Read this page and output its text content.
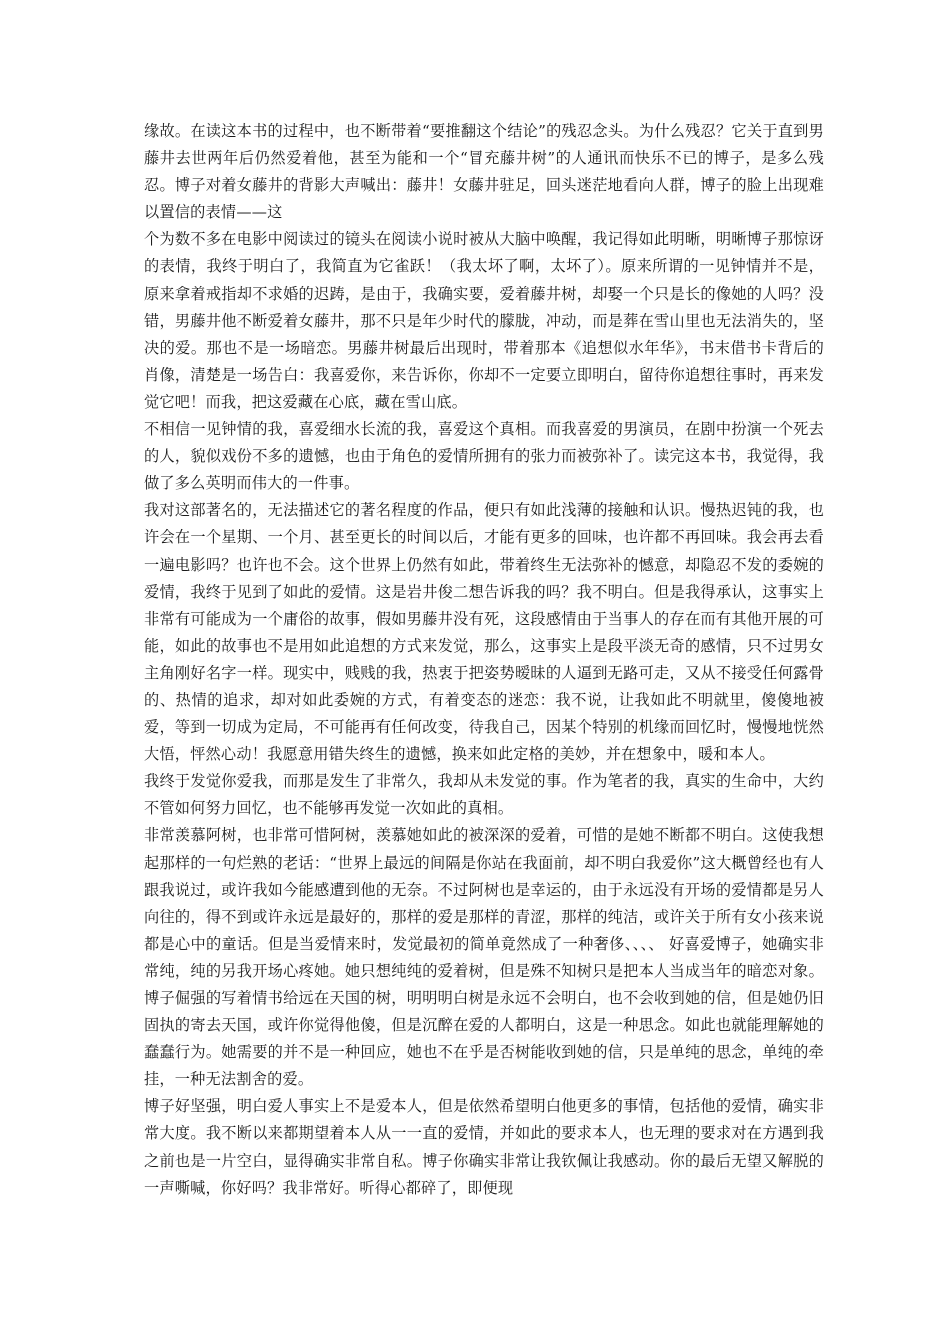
缘故。在读这本书的过程中，也不断带着“要推翻这个结论”的残忍念头。为什么残忍？它关于直到男藤井去世两年后仍然爱着他，甚至为能和一个“冒充藤井树”的人通讯而快乐不已的博子，是多么残忍。博子对着女藤井的背影大声喊出：藤井！女藤井驻足，回头迷茫地看向人群，博子的脸上出现难以置信的表情——这

个为数不多在电影中阅读过的镜头在阅读小说时被从大脑中唤醒，我记得如此明晰，明晰博子那惊讶的表情，我终于明白了，我简直为它雀跃！（我太坏了啊，太坏了）。原来所谓的一见钟情并不是，原来拿着戒指却不求婚的迟踌，是由于，我确实要，爱着藤井树，却娶一个只是长的像她的人吗？没错，男藤井他不断爱着女藤井，那不只是年少时代的朦胧，冲动，而是葬在雪山里也无法消失的，坚决的爱。那也不是一场暗恋。男藤井树最后出现时，带着那本《追想似水年华》，书末借书卡背后的肖像，清楚是一场告白：我喜爱你，来告诉你，你却不一定要立即明白，留待你追想往事时，再来发觉它吧！而我，把这爱藏在心底，藏在雪山底。

不相信一见钟情的我，喜爱细水长流的我，喜爱这个真相。而我喜爱的男演员，在剧中扮演一个死去的人，貌似戏份不多的遗憾，也由于角色的爱情所拥有的张力而被弥补了。读完这本书，我觉得，我做了多么英明而伟大的一件事。

我对这部著名的，无法描述它的著名程度的作品，便只有如此浅薄的接触和认识。慢热迟钝的我，也许会在一个星期、一个月、甚至更长的时间以后，才能有更多的回味，也许都不再回味。我会再去看一遍电影吗？也许也不会。这个世界上仍然有如此，带着终生无法弥补的憾意，却隐忍不发的委婉的爱情，我终于见到了如此的爱情。这是岩井俊二想告诉我的吗？我不明白。但是我得承认，这事实上非常有可能成为一个庸俗的故事，假如男藤井没有死，这段感情由于当事人的存在而有其他开展的可能，如此的故事也不是用如此追想的方式来发觉，那么，这事实上是段平淡无奇的感情，只不过男女主角刚好名字一样。现实中，贱贱的我，热衷于把姿势暧昧的人逼到无路可走，又从不接受任何露骨的、热情的追求，却对如此委婉的方式，有着变态的迷恋：我不说，让我如此不明就里，傻傻地被爱，等到一切成为定局，不可能再有任何改变，待我自己，因某个特别的机缘而回忆时，慢慢地恍然大悟，怦然心动！我愿意用错失终生的遗憾，换来如此定格的美妙，并在想象中，暖和本人。

我终于发觉你爱我，而那是发生了非常久，我却从未发觉的事。作为笔者的我，真实的生命中，大约不管如何努力回忆，也不能够再发觉一次如此的真相。

非常羡慕阿树，也非常可惜阿树，羡慕她如此的被深深的爱着，可惜的是她不断都不明白。这使我想起那样的一句烂熟的老话：“世界上最远的间隔是你站在我面前，却不明白我爱你”这大概曾经也有人跟我说过，或许我如今能感遭到他的无奈。不过阿树也是幸运的，由于永远没有开场的爱情都是另人向往的，得不到或许永远是最好的，那样的爱是那样的青涩，那样的纯洁，或许关于所有女小孩来说都是心中的童话。但是当爱情来时，发觉最初的简单竟然成了一种奢侈、、、、 好喜爱博子，她确实非常纯，纯的另我开场心疼她。她只想纯纯的爱着树，但是殊不知树只是把本人当成当年的暗恋对象。博子倔强的写着情书给远在天国的树，明明明白树是永远不会明白，也不会收到她的信，但是她仍旧固执的寄去天国，或许你觉得他傻，但是沉醉在爱的人都明白，这是一种思念。如此也就能理解她的蠢蠢行为。她需要的并不是一种回应，她也不在乎是否树能收到她的信，只是单纯的思念，单纯的牵挂，一种无法割舍的爱。

博子好坚强，明白爱人事实上不是爱本人，但是依然希望明白他更多的事情，包括他的爱情，确实非常大度。我不断以来都期望着本人从一一直的爱情，并如此的要求本人，也无理的要求对在方遇到我之前也是一片空白，显得确实非常自私。博子你确实非常让我钦佩让我感动。你的最后无望又解脱的一声嘶喊，你好吗？我非常好。听得心都碎了，即便现
